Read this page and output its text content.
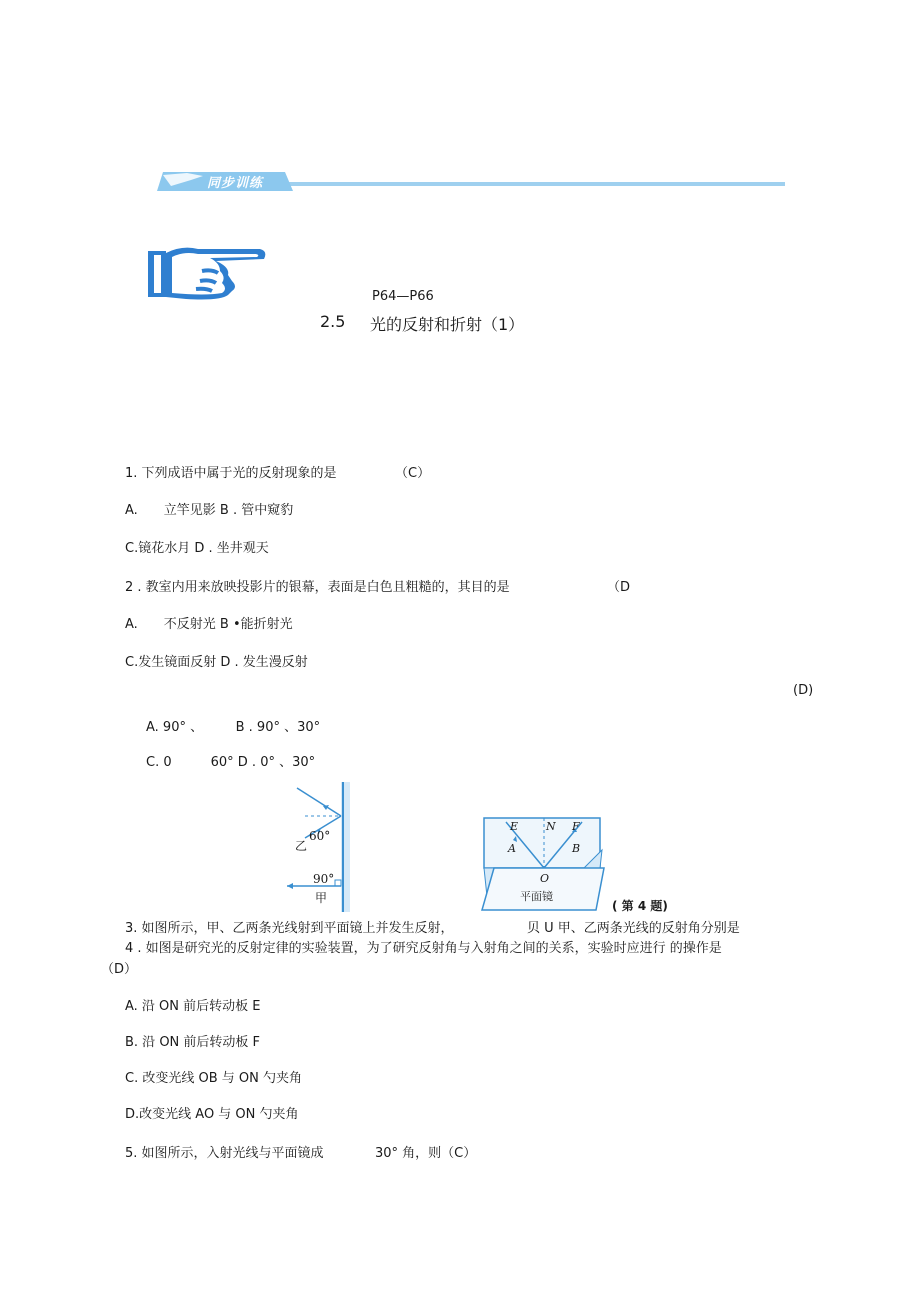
同步训练
P64—P66
2.5 光的反射和折射（1）
1. 下列成语中属于光的反射现象的是	（C）
A.　　立竿见影 B . 管中窥豹
C.镜花水月 D . 坐井观天
2 . 教室内用来放映投影片的银幕，表面是白色且粗糙的，其目的是	（D
A.　　不反射光 B •能折射光
C.发生镜面反射 D . 发生漫反射
(D)
A. 90° 、　　　B . 90° 、30°
C. 0　　　60° D . 0° 、30°
60°
乙
90°
甲
E	N F
A	B
O
平面镜
( 第 4 题)
3. 如图所示，甲、乙两条光线射到平面镜上并发生反射，	贝 U 甲、乙两条光线的反射角分别是
4 . 如图是研究光的反射定律的实验装置，为了研究反射角与入射角之间的关系，实验时应进行 的操作是
（D）
A. 沿 ON 前后转动板 E
B. 沿 ON 前后转动板 F
C. 改变光线 OB 与 ON 勺夹角
D.改变光线 AO 与 ON 勺夹角
5. 如图所示，入射光线与平面镜成	30° 角，则（C）
